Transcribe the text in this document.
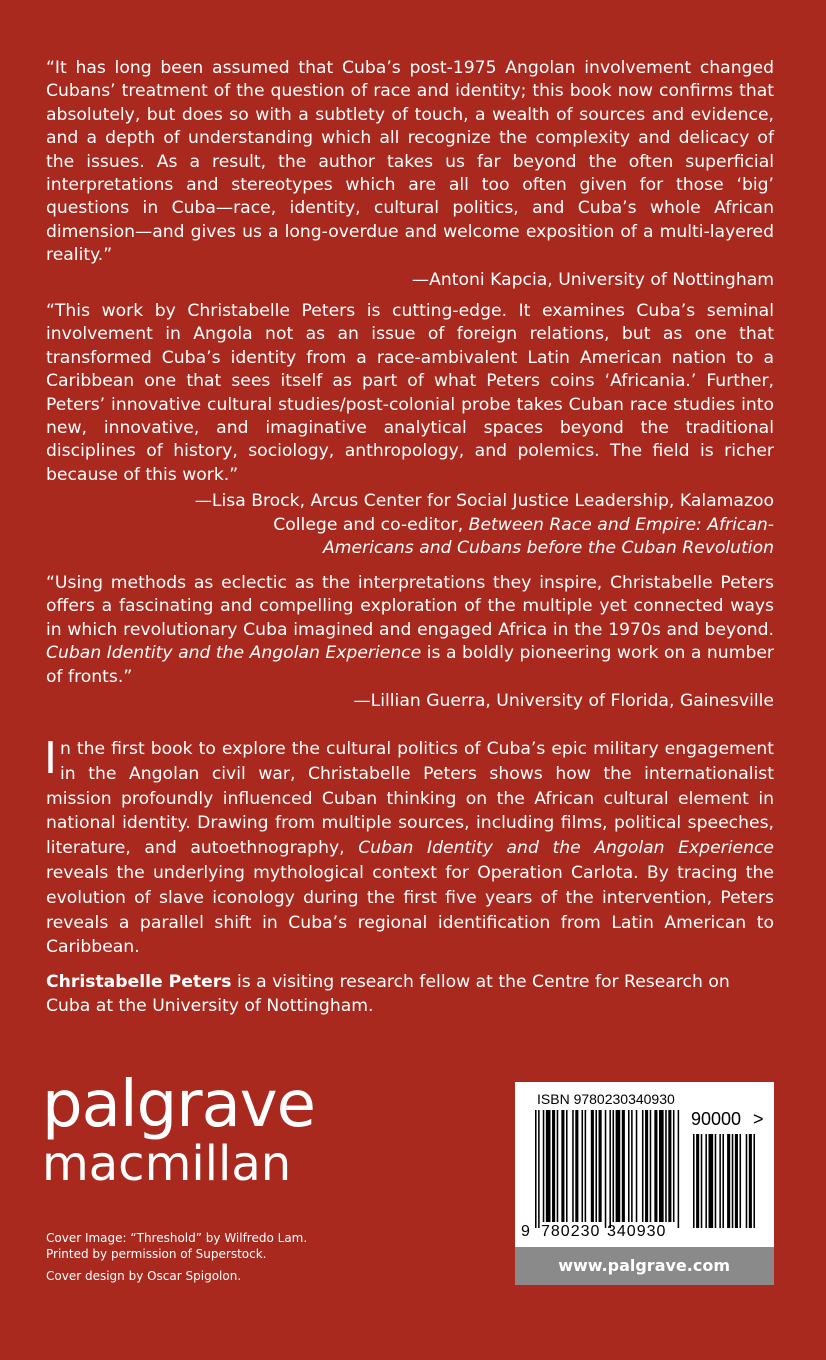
“It has long been assumed that Cuba’s post-1975 Angolan involvement changed Cubans’ treatment of the question of race and identity; this book now confirms that absolutely, but does so with a subtlety of touch, a wealth of sources and evidence, and a depth of understanding which all recognize the complexity and delicacy of the issues. As a result, the author takes us far beyond the often superficial interpretations and stereotypes which are all too often given for those ‘big’ questions in Cuba—race, identity, cultural politics, and Cuba’s whole African dimension—and gives us a long-overdue and welcome exposition of a multi-layered reality.”

—Antoni Kapcia, University of Nottingham

“This work by Christabelle Peters is cutting-edge. It examines Cuba’s seminal involvement in Angola not as an issue of foreign relations, but as one that transformed Cuba’s identity from a race-ambivalent Latin American nation to a Caribbean one that sees itself as part of what Peters coins ‘Africania.’ Further, Peters’ innovative cultural studies/post-colonial probe takes Cuban race studies into new, innovative, and imaginative analytical spaces beyond the traditional disciplines of history, sociology, anthropology, and polemics. The field is richer because of this work.”

—Lisa Brock, Arcus Center for Social Justice Leadership, Kalamazoo
College and co-editor, Between Race and Empire: African-
Americans and Cubans before the Cuban Revolution

“Using methods as eclectic as the interpretations they inspire, Christabelle Peters offers a fascinating and compelling exploration of the multiple yet connected ways in which revolutionary Cuba imagined and engaged Africa in the 1970s and beyond. Cuban Identity and the Angolan Experience is a boldly pioneering work on a number of fronts.”

—Lillian Guerra, University of Florida, Gainesville

In the first book to explore the cultural politics of Cuba’s epic military engagement in the Angolan civil war, Christabelle Peters shows how the internationalist mission profoundly influenced Cuban thinking on the African cultural element in national identity. Drawing from multiple sources, including films, political speeches, literature, and autoethnography, Cuban Identity and the Angolan Experience reveals the underlying mythological context for Operation Carlota. By tracing the evolution of slave iconology during the first five years of the intervention, Peters reveals a parallel shift in Cuba’s regional identification from Latin American to Caribbean.

Christabelle Peters is a visiting research fellow at the Centre for Research on Cuba at the University of Nottingham.

palgrave
macmillan

Cover Image: “Threshold” by Wilfredo Lam.

Printed by permission of Superstock.

Cover design by Oscar Spigolon.

ISBN 9780230340930
90000 >
9 780230 340930
www.palgrave.com
